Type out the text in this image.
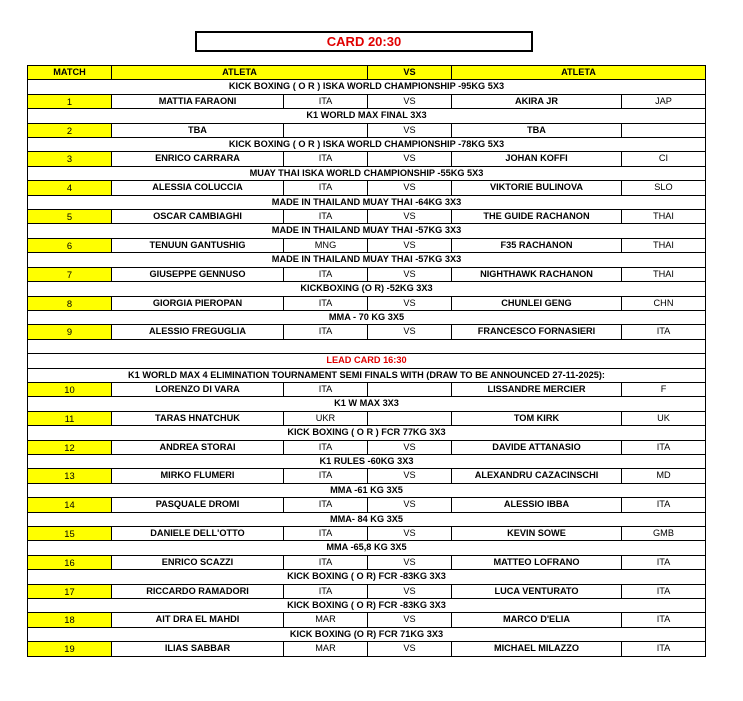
CARD 20:30
MATCH	ATLETA		VS	ATLETA	
KICK BOXING ( O R ) ISKA WORLD CHAMPIONSHIP -95KG 5X3					
1	MATTIA FARAONI	ITA	VS	AKIRA JR	JAP
K1 WORLD MAX FINAL 3X3					
2	TBA		VS	TBA	
KICK BOXING ( O R ) ISKA WORLD CHAMPIONSHIP -78KG 5X3					
3	ENRICO CARRARA	ITA	VS	JOHAN KOFFI	CI
MUAY THAI ISKA WORLD CHAMPIONSHIP -55KG 5X3					
4	ALESSIA COLUCCIA	ITA	VS	VIKTORIE BULINOVA	SLO
MADE IN THAILAND MUAY THAI -64KG 3X3					
5	OSCAR CAMBIAGHI	ITA	VS	THE GUIDE RACHANON	THAI
MADE IN THAILAND MUAY THAI -57KG 3X3					
6	TENUUN GANTUSHIG	MNG	VS	F35 RACHANON	THAI
MADE IN THAILAND MUAY THAI -57KG 3X3					
7	GIUSEPPE GENNUSO	ITA	VS	NIGHTHAWK RACHANON	THAI
KICKBOXING (O R) -52KG 3X3					
8	GIORGIA PIEROPAN	ITA	VS	CHUNLEI GENG	CHN
MMA - 70 KG 3X5					
9	ALESSIO FREGUGLIA	ITA	VS	FRANCESCO FORNASIERI	ITA

LEAD CARD 16:30					
K1 WORLD MAX 4 ELIMINATION TOURNAMENT SEMI FINALS WITH (DRAW TO BE ANNOUNCED 27-11-2025):					
10	LORENZO DI VARA	ITA		LISSANDRE MERCIER	F
K1 W MAX 3X3					
11	TARAS HNATCHUK	UKR		TOM KIRK	UK
KICK BOXING ( O R ) FCR 77KG 3X3					
12	ANDREA STORAI	ITA	VS	DAVIDE ATTANASIO	ITA
K1 RULES -60KG 3X3					
13	MIRKO FLUMERI	ITA	VS	ALEXANDRU CAZACINSCHI	MD
MMA -61 KG 3X5					
14	PASQUALE DROMI	ITA	VS	ALESSIO IBBA	ITA
MMA- 84 KG 3X5					
15	DANIELE DELL'OTTO	ITA	VS	KEVIN SOWE	GMB
MMA -65,8 KG 3X5					
16	ENRICO SCAZZI	ITA	VS	MATTEO LOFRANO	ITA
KICK BOXING ( O R) FCR -83KG 3X3					
17	RICCARDO RAMADORI	ITA	VS	LUCA VENTURATO	ITA
KICK BOXING ( O R) FCR -83KG 3X3					
18	AIT DRA EL MAHDI	MAR	VS	MARCO D'ELIA	ITA
KICK BOXING (O R) FCR 71KG 3X3					
19	ILIAS SABBAR	MAR	VS	MICHAEL MILAZZO	ITA
